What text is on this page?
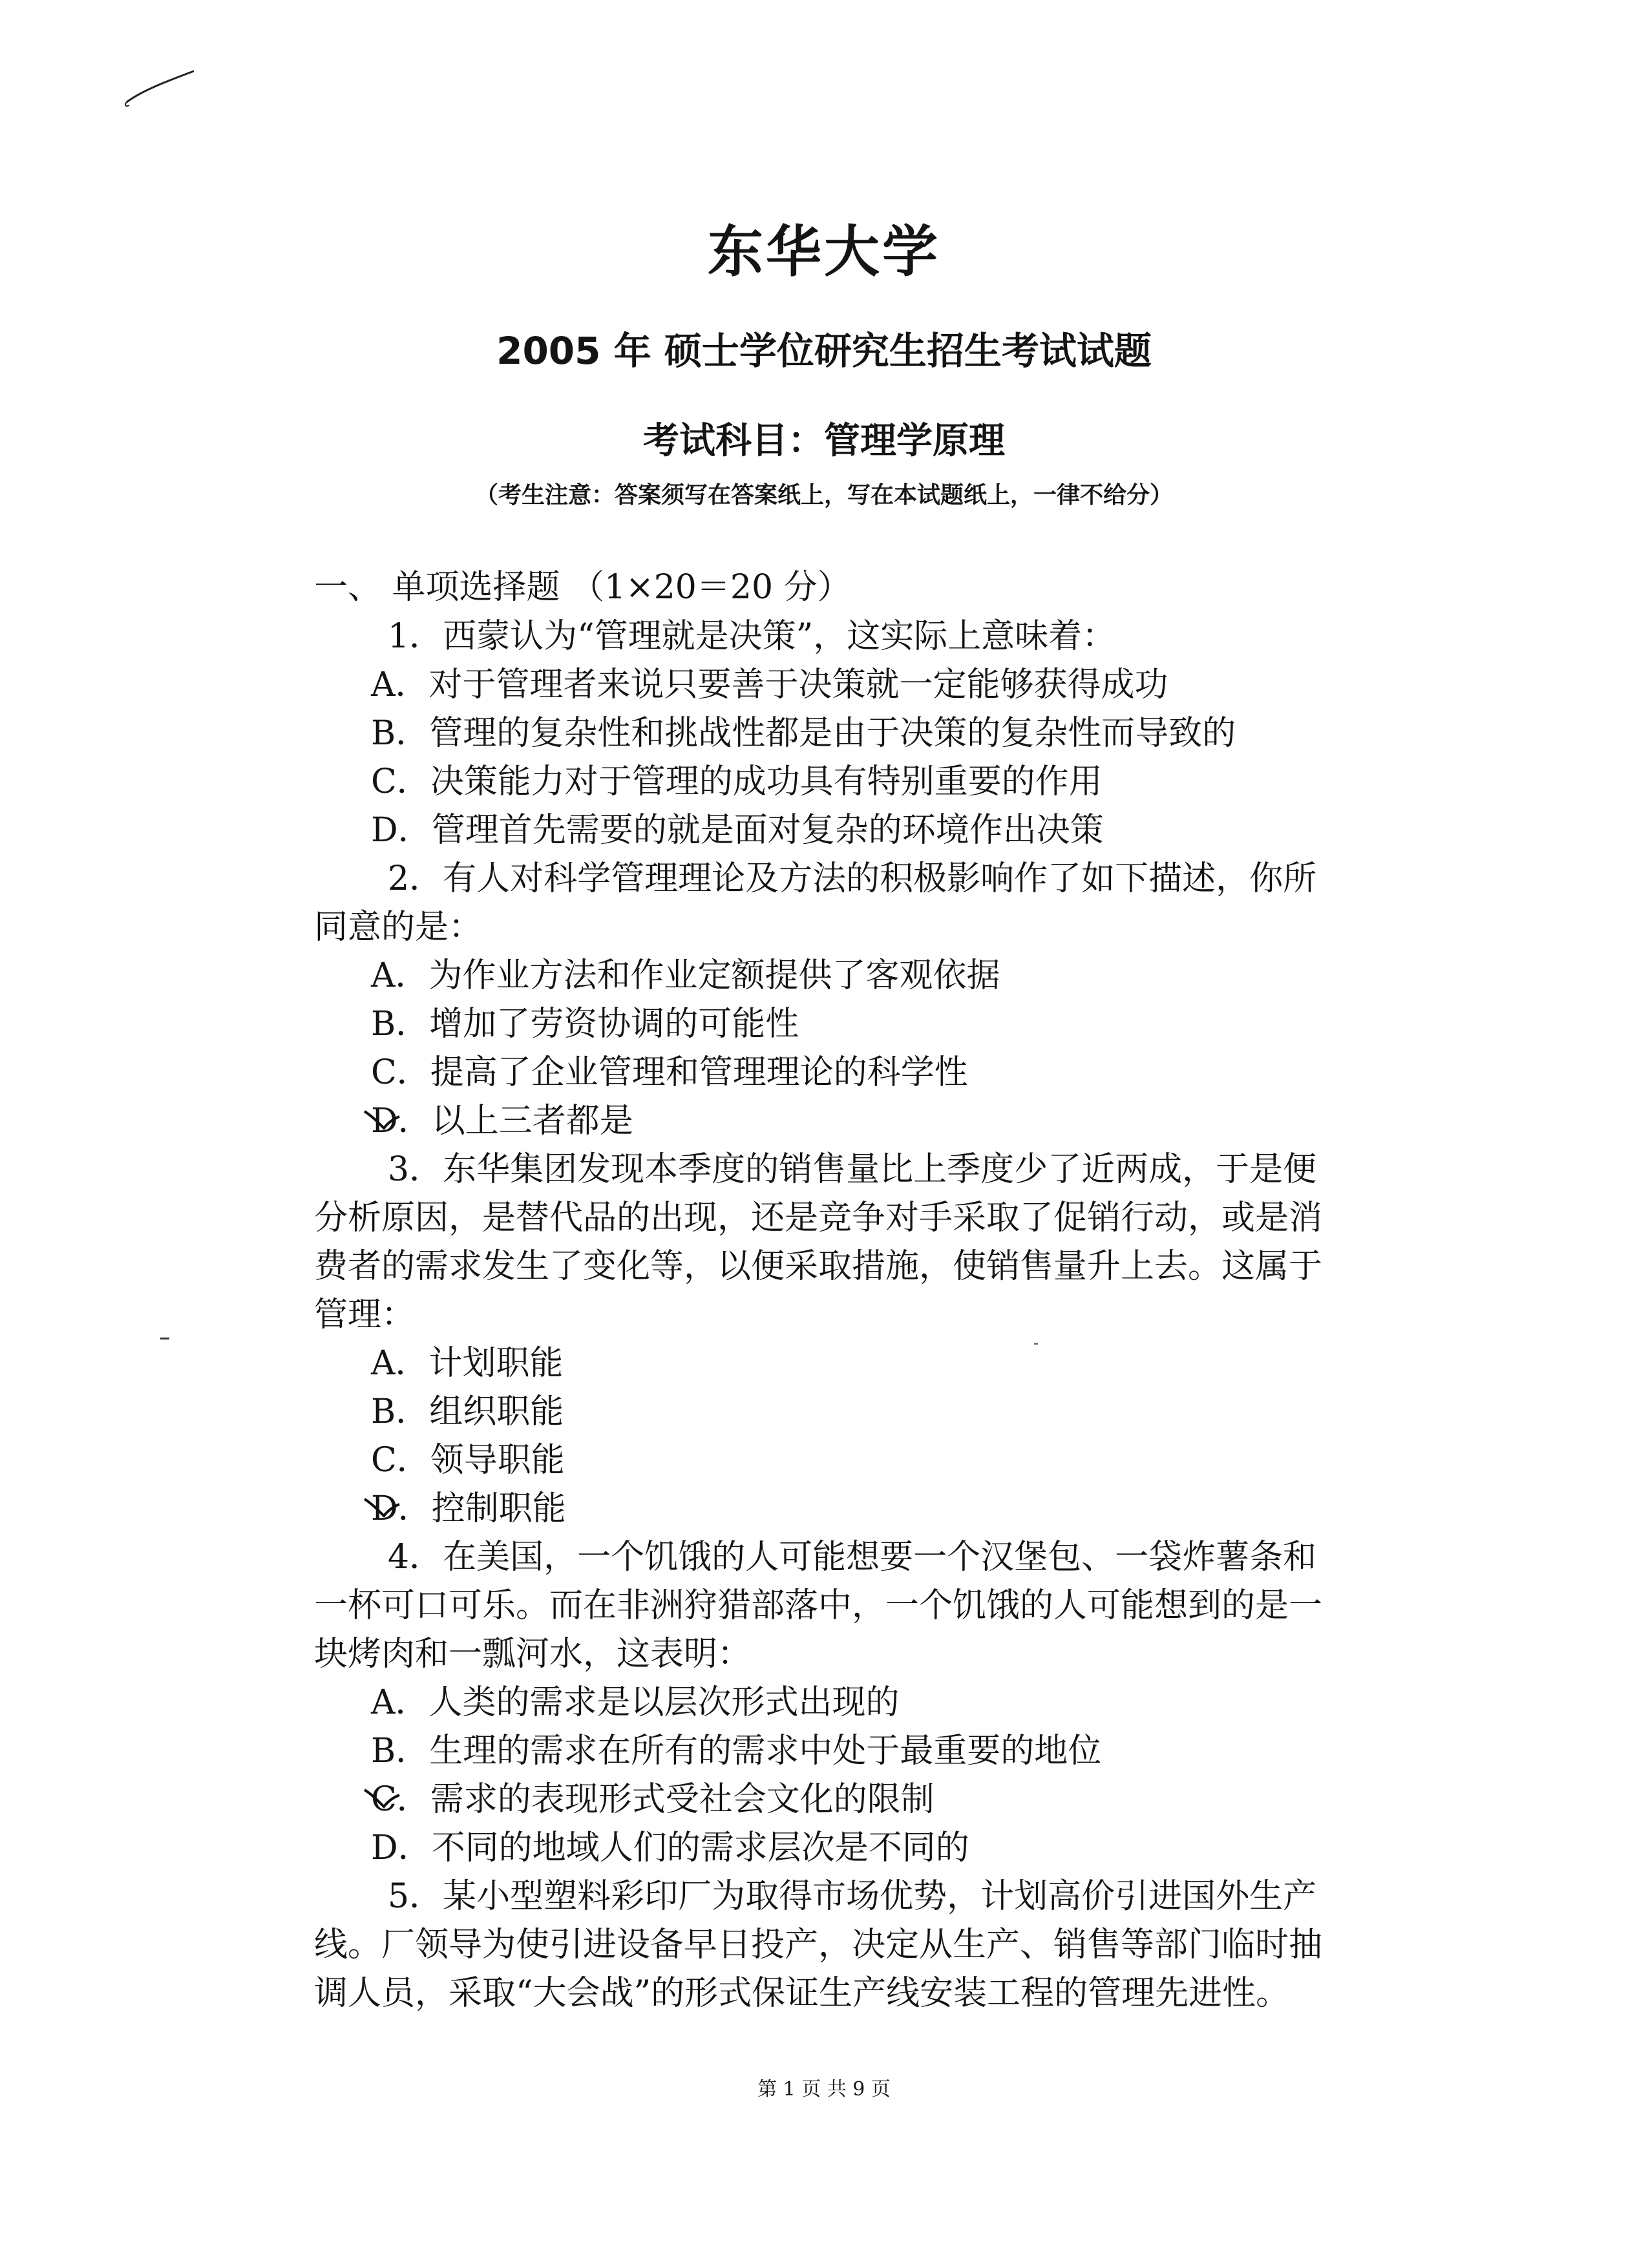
东华大学
2005 年 硕士学位研究生招生考试试题
考试科目：管理学原理
（考生注意：答案须写在答案纸上，写在本试题纸上，一律不给分）
一、 单项选择题 （1×20＝20 分）
1．西蒙认为“管理就是决策”，这实际上意味着：
A．对于管理者来说只要善于决策就一定能够获得成功
B．管理的复杂性和挑战性都是由于决策的复杂性而导致的
C．决策能力对于管理的成功具有特别重要的作用
D．管理首先需要的就是面对复杂的环境作出决策
2．有人对科学管理理论及方法的积极影响作了如下描述，你所
同意的是：
A．为作业方法和作业定额提供了客观依据
B．增加了劳资协调的可能性
C．提高了企业管理和管理理论的科学性
D．以上三者都是
3．东华集团发现本季度的销售量比上季度少了近两成，于是便
分析原因，是替代品的出现，还是竞争对手采取了促销行动，或是消
费者的需求发生了变化等，以便采取措施，使销售量升上去。这属于
管理：
A．计划职能
B．组织职能
C．领导职能
D．控制职能
4．在美国，一个饥饿的人可能想要一个汉堡包、一袋炸薯条和
一杯可口可乐。而在非洲狩猎部落中，一个饥饿的人可能想到的是一
块烤肉和一瓢河水，这表明：
A．人类的需求是以层次形式出现的
B．生理的需求在所有的需求中处于最重要的地位
C．需求的表现形式受社会文化的限制
D．不同的地域人们的需求层次是不同的
5．某小型塑料彩印厂为取得市场优势，计划高价引进国外生产
线。厂领导为使引进设备早日投产，决定从生产、销售等部门临时抽
调人员，采取“大会战”的形式保证生产线安装工程的管理先进性。
第 1 页 共 9 页
